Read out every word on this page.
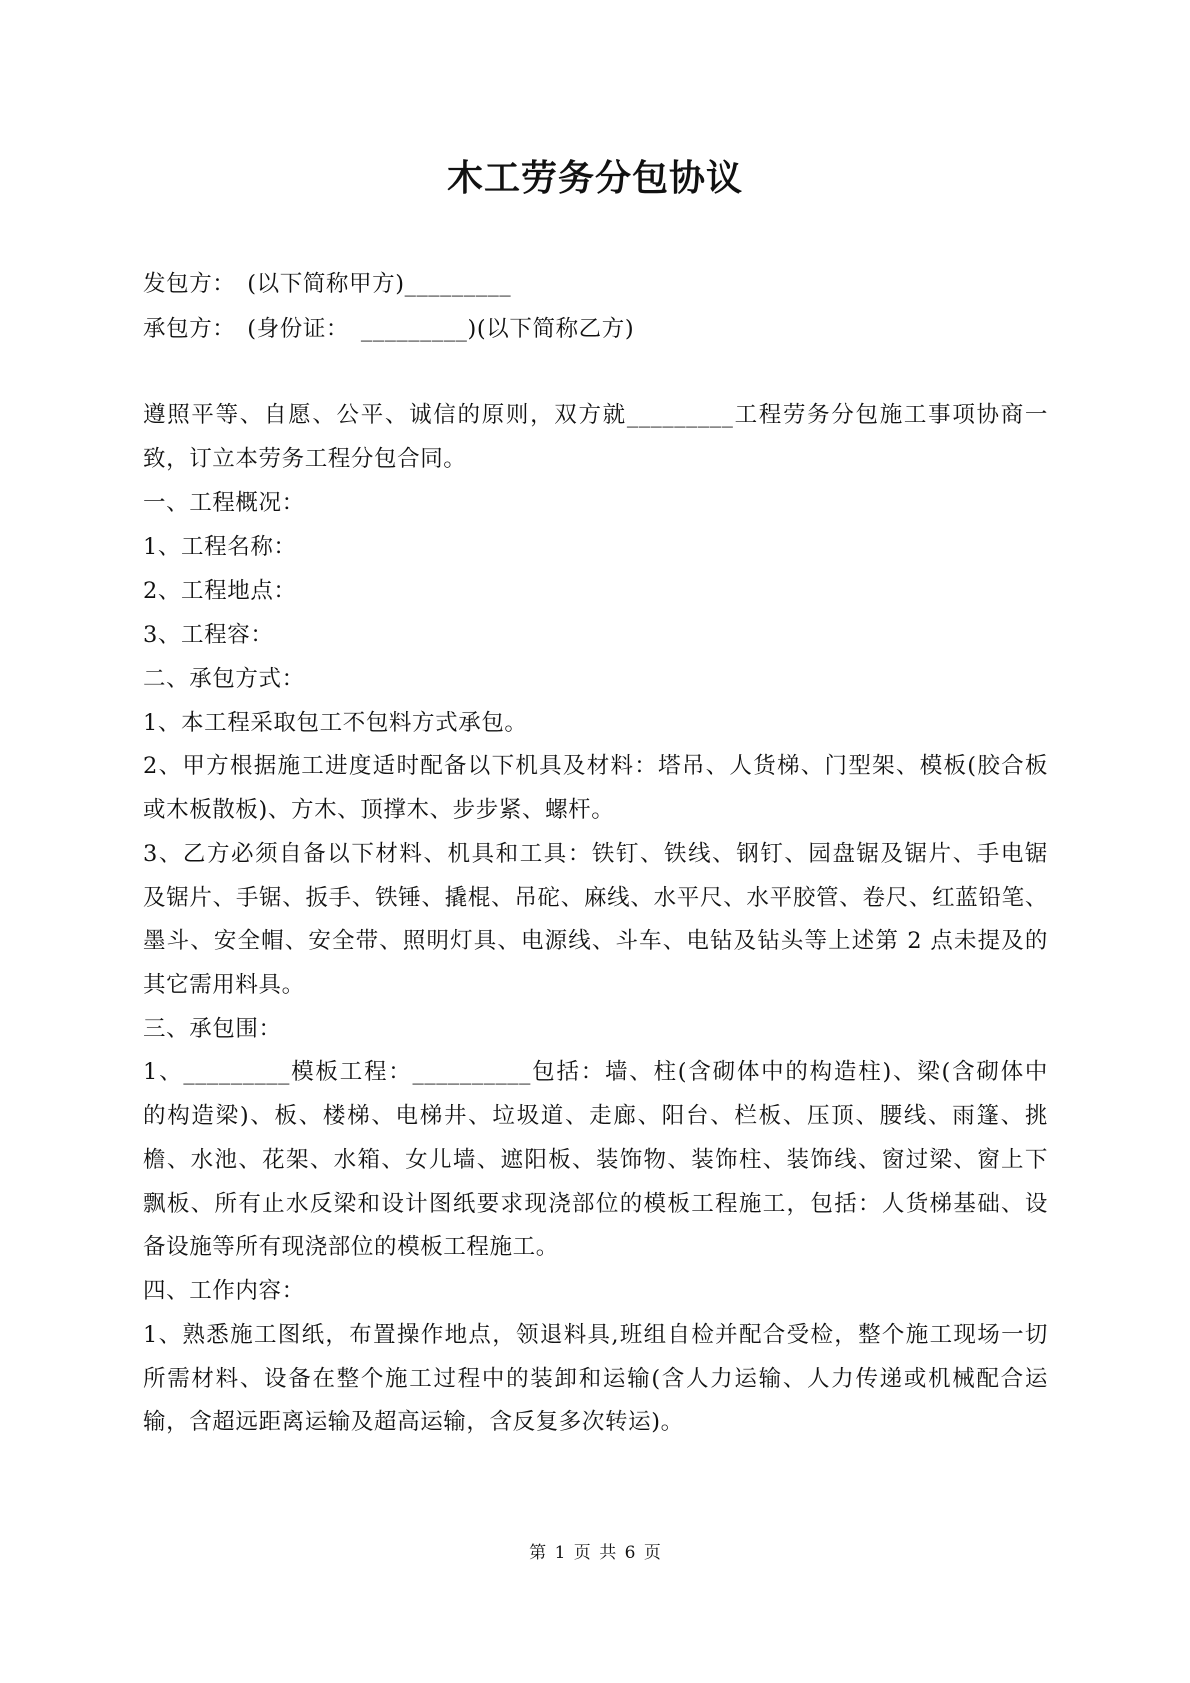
木工劳务分包协议
发包方：　(以下简称甲方)_________
承包方：　(身份证：　_________)(以下简称乙方)
遵照平等、自愿、公平、诚信的原则，双方就_________工程劳务分包施工事项协商一
致，订立本劳务工程分包合同。
一、工程概况：
1、工程名称：
2、工程地点：
3、工程容：
二、承包方式：
1、本工程采取包工不包料方式承包。
2、甲方根据施工进度适时配备以下机具及材料：塔吊、人货梯、门型架、模板(胶合板
或木板散板)、方木、顶撑木、步步紧、螺杆。
3、乙方必须自备以下材料、机具和工具：铁钉、铁线、钢钉、园盘锯及锯片、手电锯
及锯片、手锯、扳手、铁锤、撬棍、吊砣、麻线、水平尺、水平胶管、卷尺、红蓝铅笔、
墨斗、安全帽、安全带、照明灯具、电源线、斗车、电钻及钻头等上述第 2 点未提及的
其它需用料具。
三、承包围：
1、_________模板工程：__________包括：墙、柱(含砌体中的构造柱)、梁(含砌体中
的构造梁)、板、楼梯、电梯井、垃圾道、走廊、阳台、栏板、压顶、腰线、雨篷、挑
檐、水池、花架、水箱、女儿墙、遮阳板、装饰物、装饰柱、装饰线、窗过梁、窗上下
飘板、所有止水反梁和设计图纸要求现浇部位的模板工程施工，包括：人货梯基础、设
备设施等所有现浇部位的模板工程施工。
四、工作内容：
1、熟悉施工图纸，布置操作地点，领退料具,班组自检并配合受检，整个施工现场一切
所需材料、设备在整个施工过程中的装卸和运输(含人力运输、人力传递或机械配合运
输，含超远距离运输及超高运输，含反复多次转运)。
第 1 页 共 6 页
